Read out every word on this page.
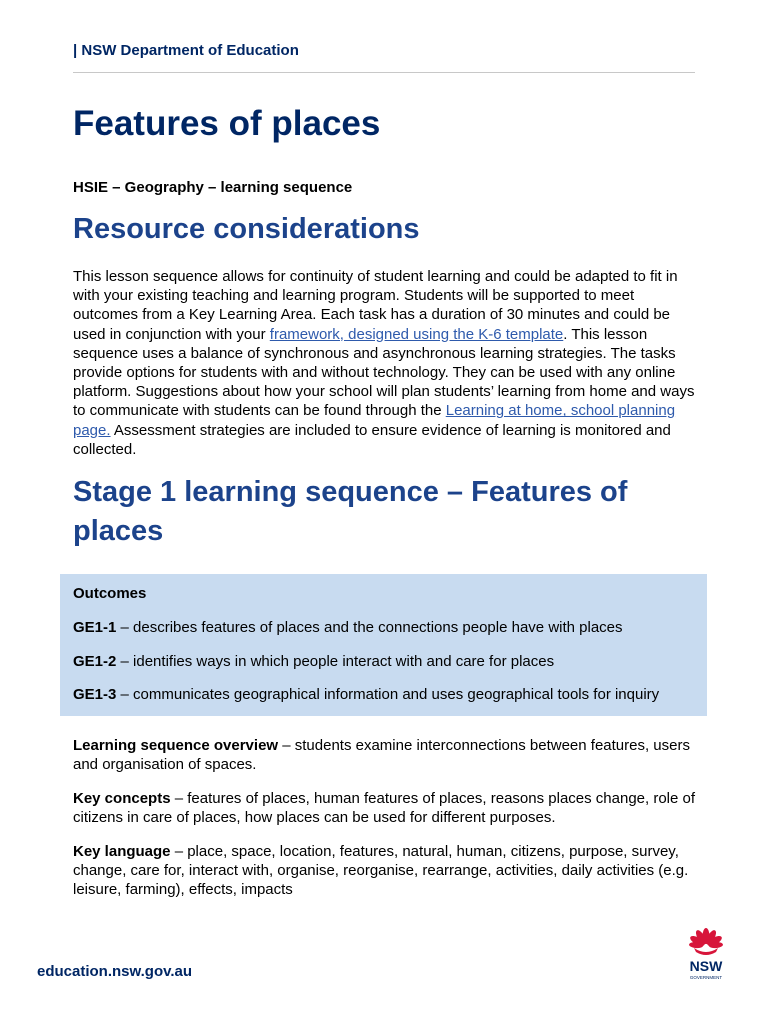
| NSW Department of Education
Features of places
HSIE – Geography – learning sequence
Resource considerations

This lesson sequence allows for continuity of student learning and could be adapted to fit in with your existing teaching and learning program. Students will be supported to meet outcomes from a Key Learning Area. Each task has a duration of 30 minutes and could be used in conjunction with your framework, designed using the K-6 template. This lesson sequence uses a balance of synchronous and asynchronous learning strategies. The tasks provide options for students with and without technology. They can be used with any online platform. Suggestions about how your school will plan students’ learning from home and ways to communicate with students can be found through the Learning at home, school planning page. Assessment strategies are included to ensure evidence of learning is monitored and collected.

Stage 1 learning sequence – Features of places
Outcomes
GE1-1 – describes features of places and the connections people have with places
GE1-2 – identifies ways in which people interact with and care for places
GE1-3 – communicates geographical information and uses geographical tools for inquiry

Learning sequence overview – students examine interconnections between features, users and organisation of spaces.

Key concepts – features of places, human features of places, reasons places change, role of citizens in care of places, how places can be used for different purposes.

Key language – place, space, location, features, natural, human, citizens, purpose, survey, change, care for, interact with, organise, reorganise, rearrange, activities, daily activities (e.g. leisure, farming), effects, impacts

education.nsw.gov.au	NSW
GOVERNMENT
